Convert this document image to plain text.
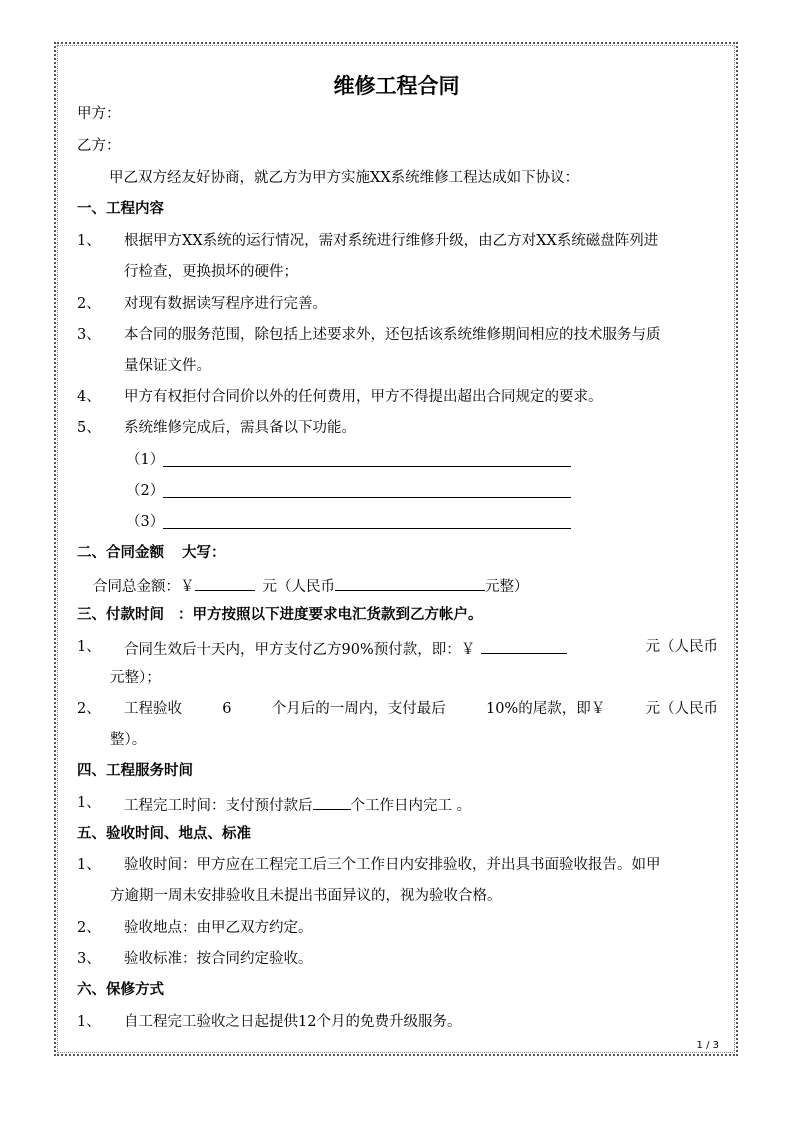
维修工程合同
甲方：
乙方：
甲乙双方经友好协商，就乙方为甲方实施XX系统维修工程达成如下协议：
一、工程内容
1、 根据甲方XX系统的运行情况，需对系统进行维修升级，由乙方对XX系统磁盘阵列进
行检查，更换损坏的硬件；
2、 对现有数据读写程序进行完善。
3、 本合同的服务范围，除包括上述要求外，还包括该系统维修期间相应的技术服务与质
量保证文件。
4、 甲方有权拒付合同价以外的任何费用，甲方不得提出超出合同规定的要求。
5、 系统维修完成后，需具备以下功能。
（1）
（2）
（3）
二、合同金额 大写：
合同总金额：￥	元（人民币	元整）
三、付款时间 ：甲方按照以下进度要求电汇货款到乙方帐户。
1、 合同生效后十天内，甲方支付乙方90%预付款，即：￥	元（人民币
元整）；
2、 工程验收	6	个月后的一周内，支付最后	10%的尾款，即￥	元（人民币
整）。
四、工程服务时间
1、 工程完工时间：支付预付款后	个工作日内完工 。
五、验收时间、地点、标准
1、 验收时间：甲方应在工程完工后三个工作日内安排验收，并出具书面验收报告。如甲
方逾期一周未安排验收且未提出书面异议的，视为验收合格。
2、 验收地点：由甲乙双方约定。
3、 验收标准：按合同约定验收。
六、保修方式
1、 自工程完工验收之日起提供12个月的免费升级服务。
1 / 3
